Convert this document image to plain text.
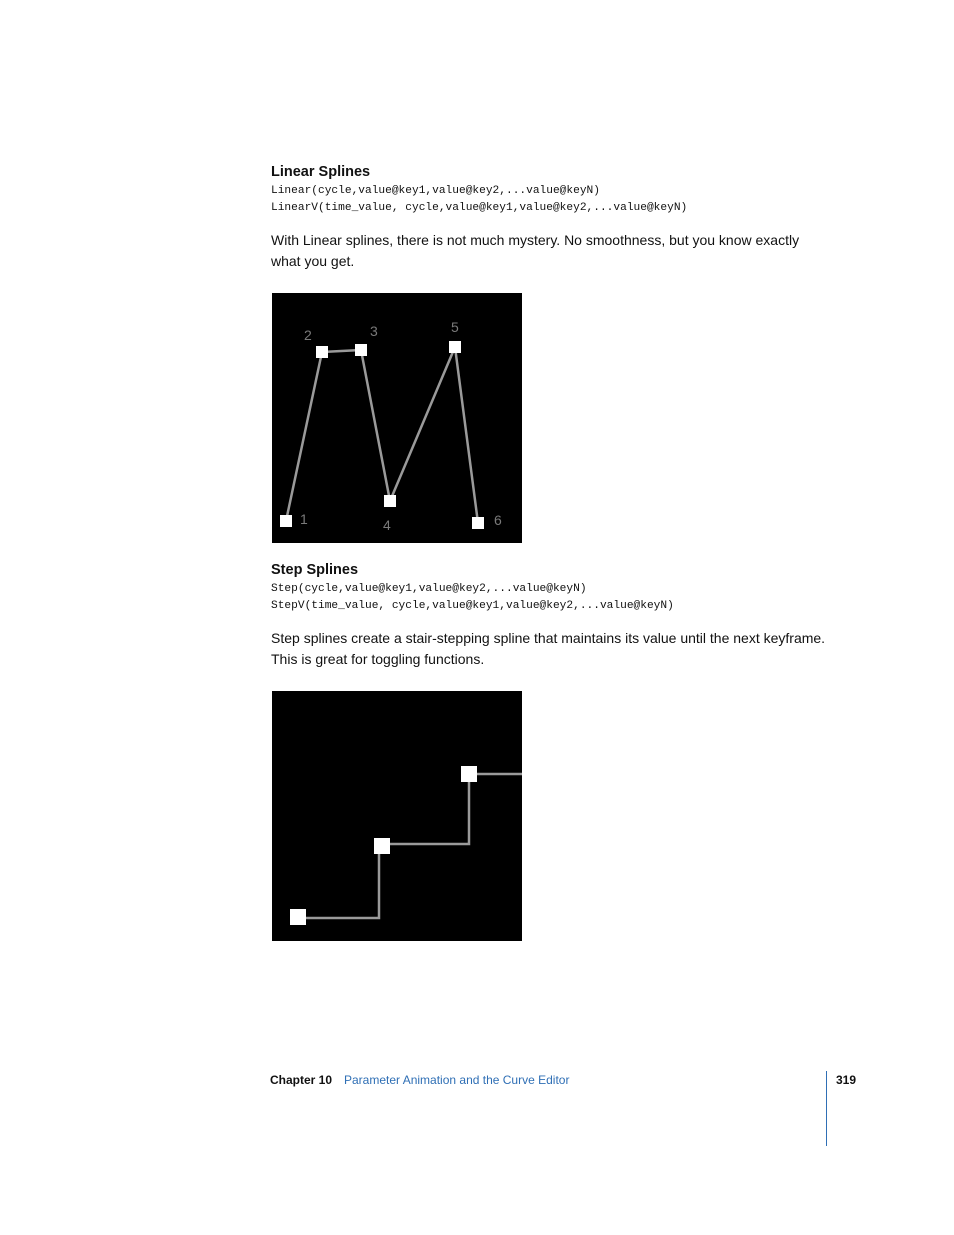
Linear Splines
Linear(cycle,value@key1,value@key2,...value@keyN)
LinearV(time_value, cycle,value@key1,value@key2,...value@keyN)

With Linear splines, there is not much mystery. No smoothness, but you know exactly what you get.

1
2	3
4
5
6
Step Splines
Step(cycle,value@key1,value@key2,...value@keyN)
StepV(time_value, cycle,value@key1,value@key2,...value@keyN)

Step splines create a stair-stepping spline that maintains its value until the next keyframe. This is great for toggling functions.

Chapter 10 Parameter Animation and the Curve Editor	319
